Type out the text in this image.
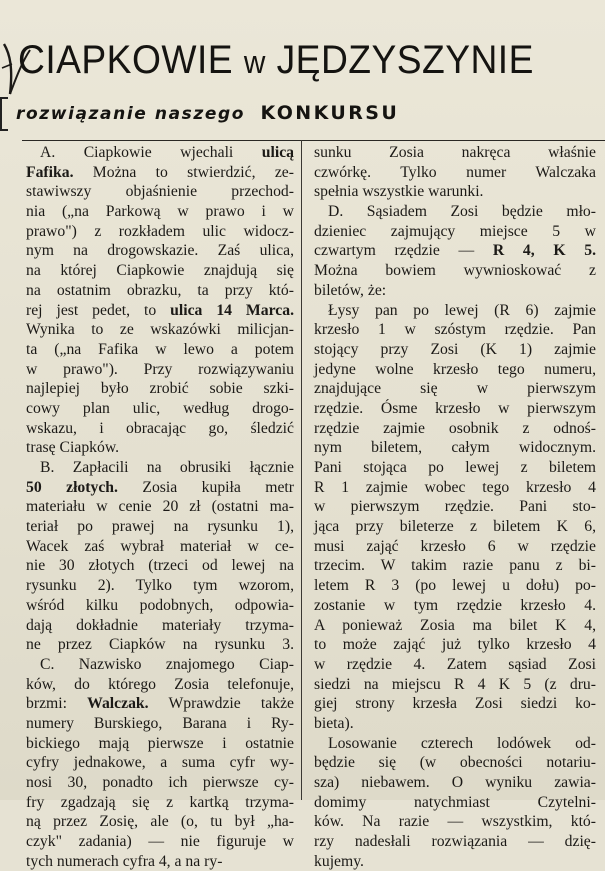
CIAPKOWIE w JĘDZYSZYNIE
rozwiązanie naszego KONKURSU
A. Ciapkowie wjechali ulicą
Fafika. Można to stwierdzić, ze-
stawiwszy objaśnienie przechod-
nia („na Parkową w prawo i w
prawo") z rozkładem ulic widocz-
nym na drogowskazie. Zaś ulica,
na której Ciapkowie znajdują się
na ostatnim obrazku, ta przy któ-
rej jest pedet, to ulica 14 Marca.
Wynika to ze wskazówki milicjan-
ta („na Fafika w lewo a potem
w prawo"). Przy rozwiązywaniu
najlepiej było zrobić sobie szki-
cowy plan ulic, według drogo-
wskazu, i obracając go, śledzić
trasę Ciapków.
B. Zapłacili na obrusiki łącznie
50 złotych. Zosia kupiła metr
materiału w cenie 20 zł (ostatni ma-
teriał po prawej na rysunku 1),
Wacek zaś wybrał materiał w ce-
nie 30 złotych (trzeci od lewej na
rysunku 2). Tylko tym wzorom,
wśród kilku podobnych, odpowia-
dają dokładnie materiały trzyma-
ne przez Ciapków na rysunku 3.
C. Nazwisko znajomego Ciap-
ków, do którego Zosia telefonuje,
brzmi: Walczak. Wprawdzie także
numery Burskiego, Barana i Ry-
bickiego mają pierwsze i ostatnie
cyfry jednakowe, a suma cyfr wy-
nosi 30, ponadto ich pierwsze cy-
fry zgadzają się z kartką trzyma-
ną przez Zosię, ale (o, tu był „ha-
czyk" zadania) — nie figuruje w
tych numerach cyfra 4, a na ry-
sunku Zosia nakręca właśnie
czwórkę. Tylko numer Walczaka
spełnia wszystkie warunki.
D. Sąsiadem Zosi będzie mło-
dzieniec zajmujący miejsce 5 w
czwartym rzędzie — R 4, K 5.
Można bowiem wywnioskować z
biletów, że:
Łysy pan po lewej (R 6) zajmie
krzesło 1 w szóstym rzędzie. Pan
stojący przy Zosi (K 1) zajmie
jedyne wolne krzesło tego numeru,
znajdujące się w pierwszym
rzędzie. Ósme krzesło w pierwszym
rzędzie zajmie osobnik z odnoś-
nym biletem, całym widocznym.
Pani stojąca po lewej z biletem
R 1 zajmie wobec tego krzesło 4
w pierwszym rzędzie. Pani sto-
jąca przy bileterze z biletem K 6,
musi zająć krzesło 6 w rzędzie
trzecim. W takim razie panu z bi-
letem R 3 (po lewej u dołu) po-
zostanie w tym rzędzie krzesło 4.
A ponieważ Zosia ma bilet K 4,
to może zająć już tylko krzesło 4
w rzędzie 4. Zatem sąsiad Zosi
siedzi na miejscu R 4 K 5 (z dru-
giej strony krzesła Zosi siedzi ko-
bieta).
Losowanie czterech lodówek od-
będzie się (w obecności notariu-
sza) niebawem. O wyniku zawia-
domimy natychmiast Czytelni-
ków. Na razie — wszystkim, któ-
rzy nadesłali rozwiązania — dzię-
kujemy.
